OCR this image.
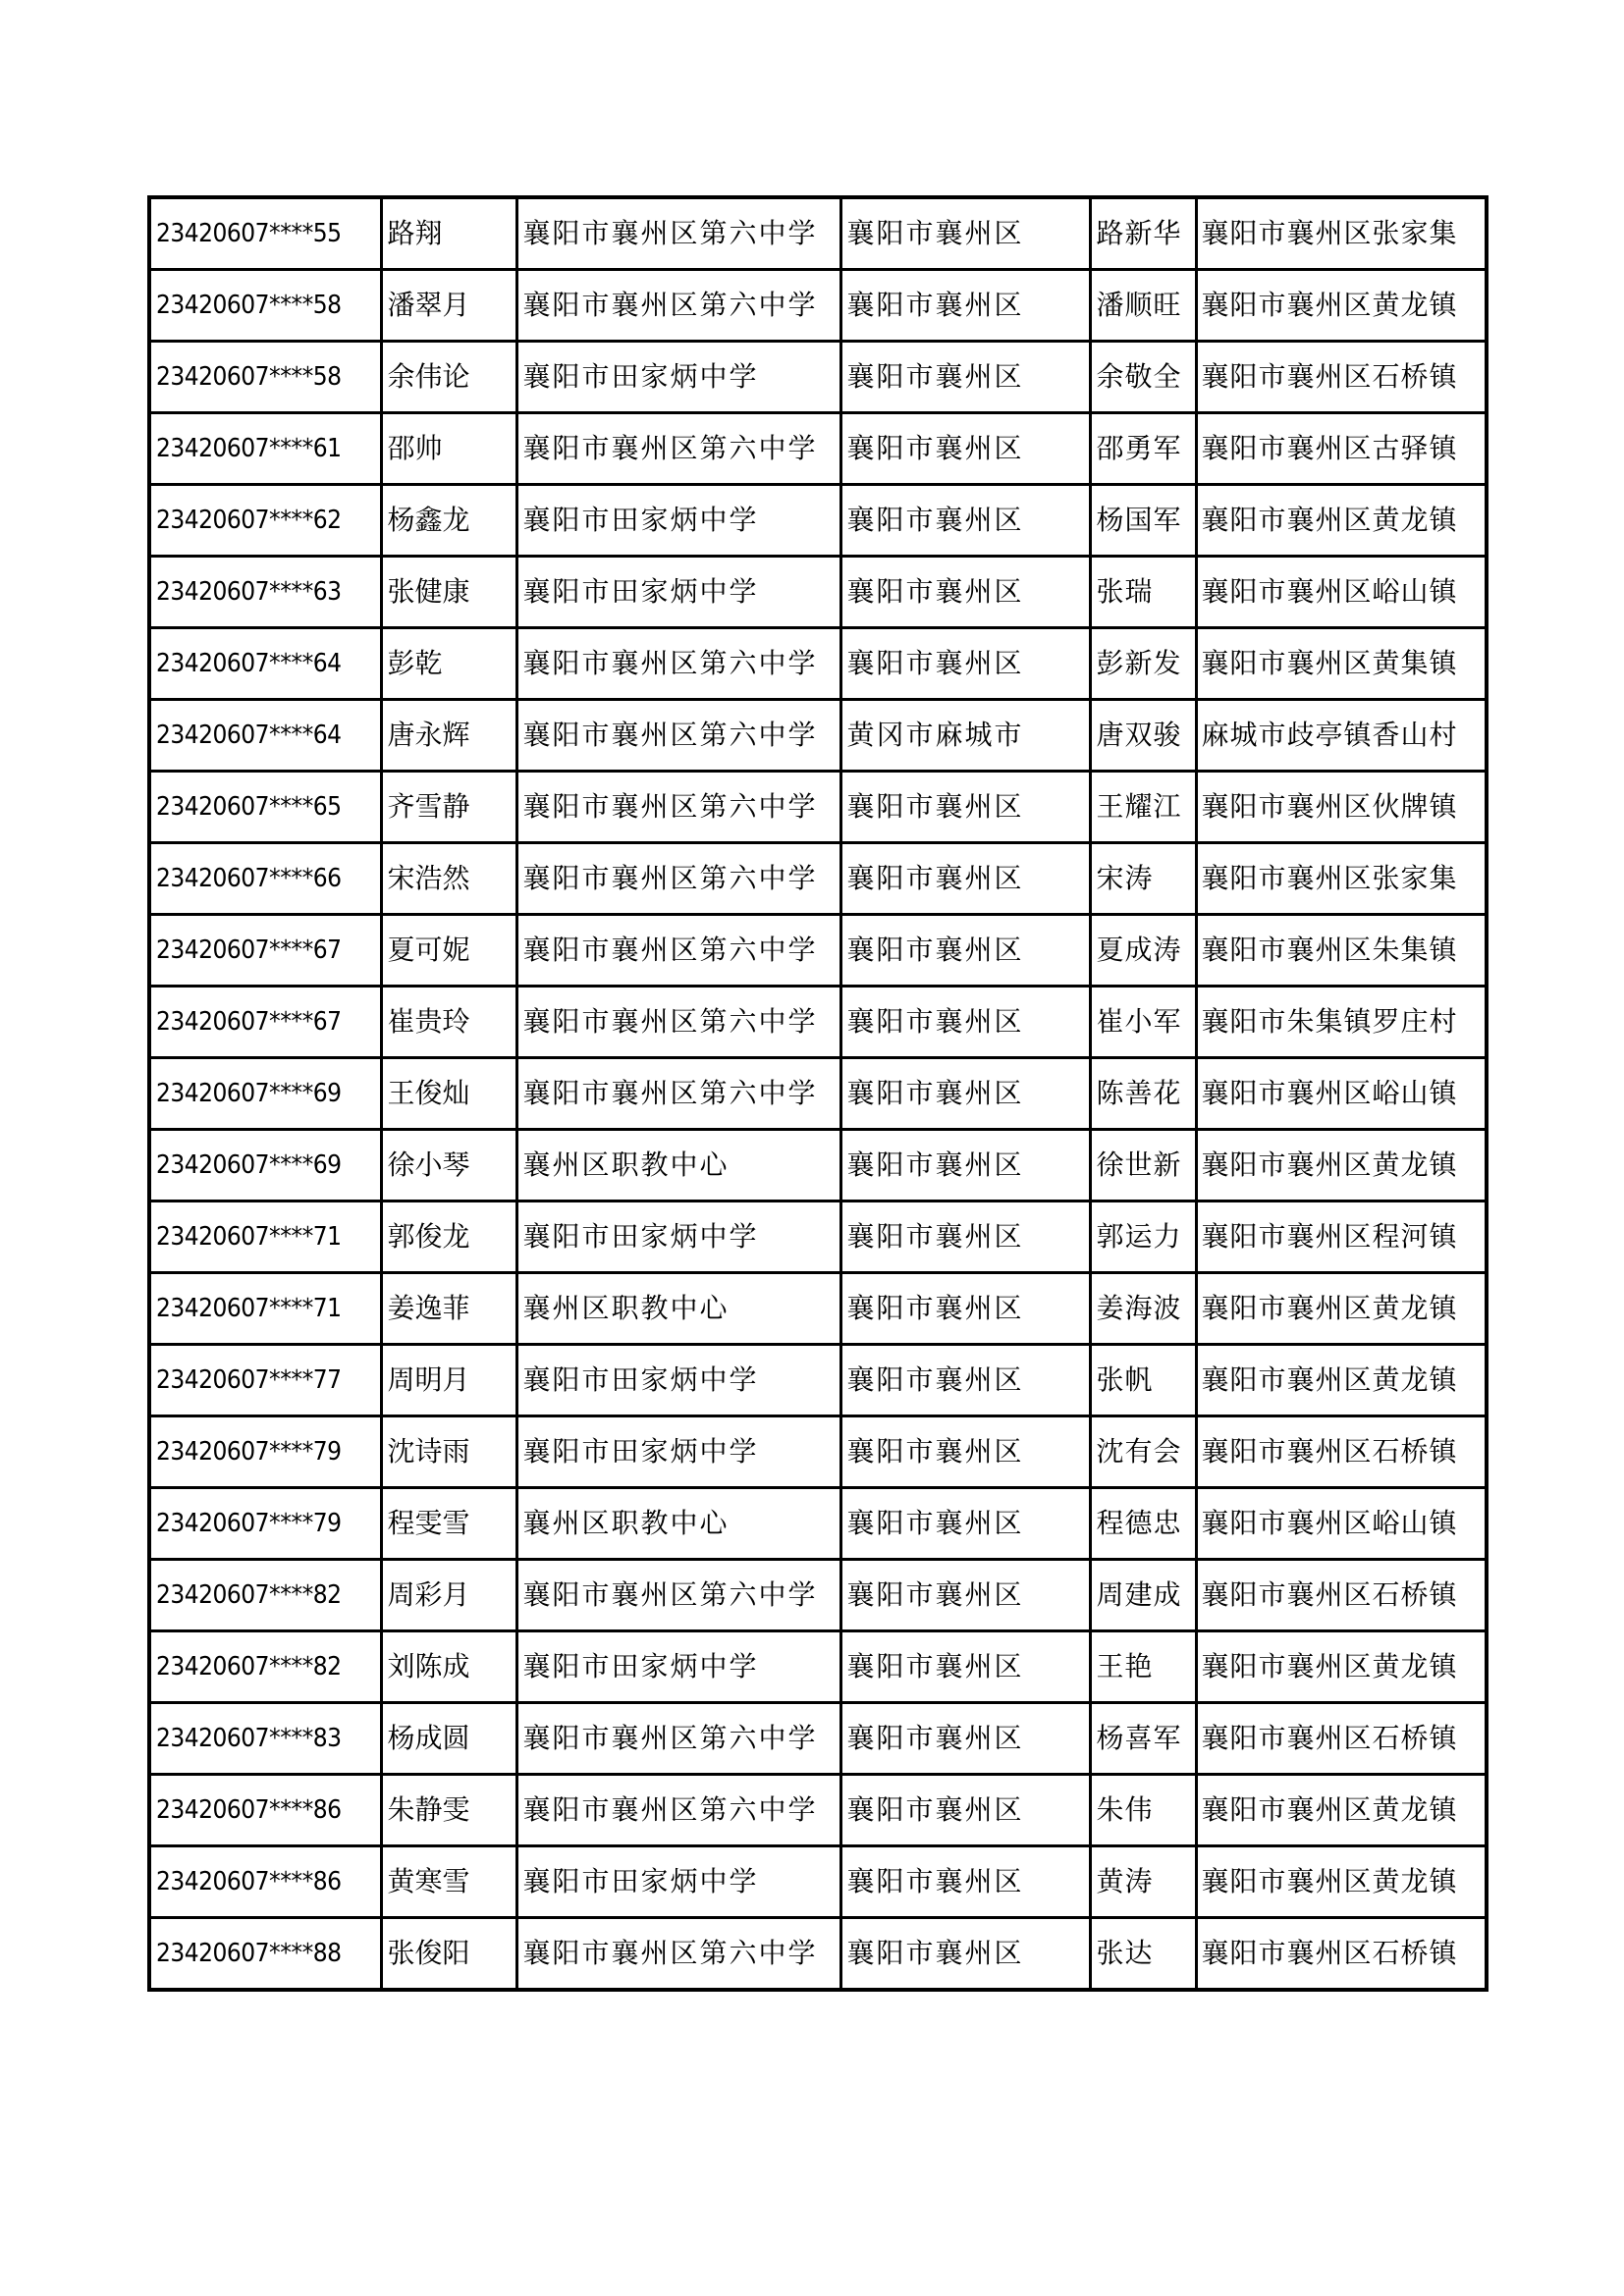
23420607****55	路翔	襄阳市襄州区第六中学	襄阳市襄州区	路新华	襄阳市襄州区张家集
23420607****58	潘翠月	襄阳市襄州区第六中学	襄阳市襄州区	潘顺旺	襄阳市襄州区黄龙镇
23420607****58	余伟论	襄阳市田家炳中学	襄阳市襄州区	余敬全	襄阳市襄州区石桥镇
23420607****61	邵帅	襄阳市襄州区第六中学	襄阳市襄州区	邵勇军	襄阳市襄州区古驿镇
23420607****62	杨鑫龙	襄阳市田家炳中学	襄阳市襄州区	杨国军	襄阳市襄州区黄龙镇
23420607****63	张健康	襄阳市田家炳中学	襄阳市襄州区	张瑞	襄阳市襄州区峪山镇
23420607****64	彭乾	襄阳市襄州区第六中学	襄阳市襄州区	彭新发	襄阳市襄州区黄集镇
23420607****64	唐永辉	襄阳市襄州区第六中学	黄冈市麻城市	唐双骏	麻城市歧亭镇香山村
23420607****65	齐雪静	襄阳市襄州区第六中学	襄阳市襄州区	王耀江	襄阳市襄州区伙牌镇
23420607****66	宋浩然	襄阳市襄州区第六中学	襄阳市襄州区	宋涛	襄阳市襄州区张家集
23420607****67	夏可妮	襄阳市襄州区第六中学	襄阳市襄州区	夏成涛	襄阳市襄州区朱集镇
23420607****67	崔贵玲	襄阳市襄州区第六中学	襄阳市襄州区	崔小军	襄阳市朱集镇罗庄村
23420607****69	王俊灿	襄阳市襄州区第六中学	襄阳市襄州区	陈善花	襄阳市襄州区峪山镇
23420607****69	徐小琴	襄州区职教中心	襄阳市襄州区	徐世新	襄阳市襄州区黄龙镇
23420607****71	郭俊龙	襄阳市田家炳中学	襄阳市襄州区	郭运力	襄阳市襄州区程河镇
23420607****71	姜逸菲	襄州区职教中心	襄阳市襄州区	姜海波	襄阳市襄州区黄龙镇
23420607****77	周明月	襄阳市田家炳中学	襄阳市襄州区	张帆	襄阳市襄州区黄龙镇
23420607****79	沈诗雨	襄阳市田家炳中学	襄阳市襄州区	沈有会	襄阳市襄州区石桥镇
23420607****79	程雯雪	襄州区职教中心	襄阳市襄州区	程德忠	襄阳市襄州区峪山镇
23420607****82	周彩月	襄阳市襄州区第六中学	襄阳市襄州区	周建成	襄阳市襄州区石桥镇
23420607****82	刘陈成	襄阳市田家炳中学	襄阳市襄州区	王艳	襄阳市襄州区黄龙镇
23420607****83	杨成圆	襄阳市襄州区第六中学	襄阳市襄州区	杨喜军	襄阳市襄州区石桥镇
23420607****86	朱静雯	襄阳市襄州区第六中学	襄阳市襄州区	朱伟	襄阳市襄州区黄龙镇
23420607****86	黄寒雪	襄阳市田家炳中学	襄阳市襄州区	黄涛	襄阳市襄州区黄龙镇
23420607****88	张俊阳	襄阳市襄州区第六中学	襄阳市襄州区	张达	襄阳市襄州区石桥镇
